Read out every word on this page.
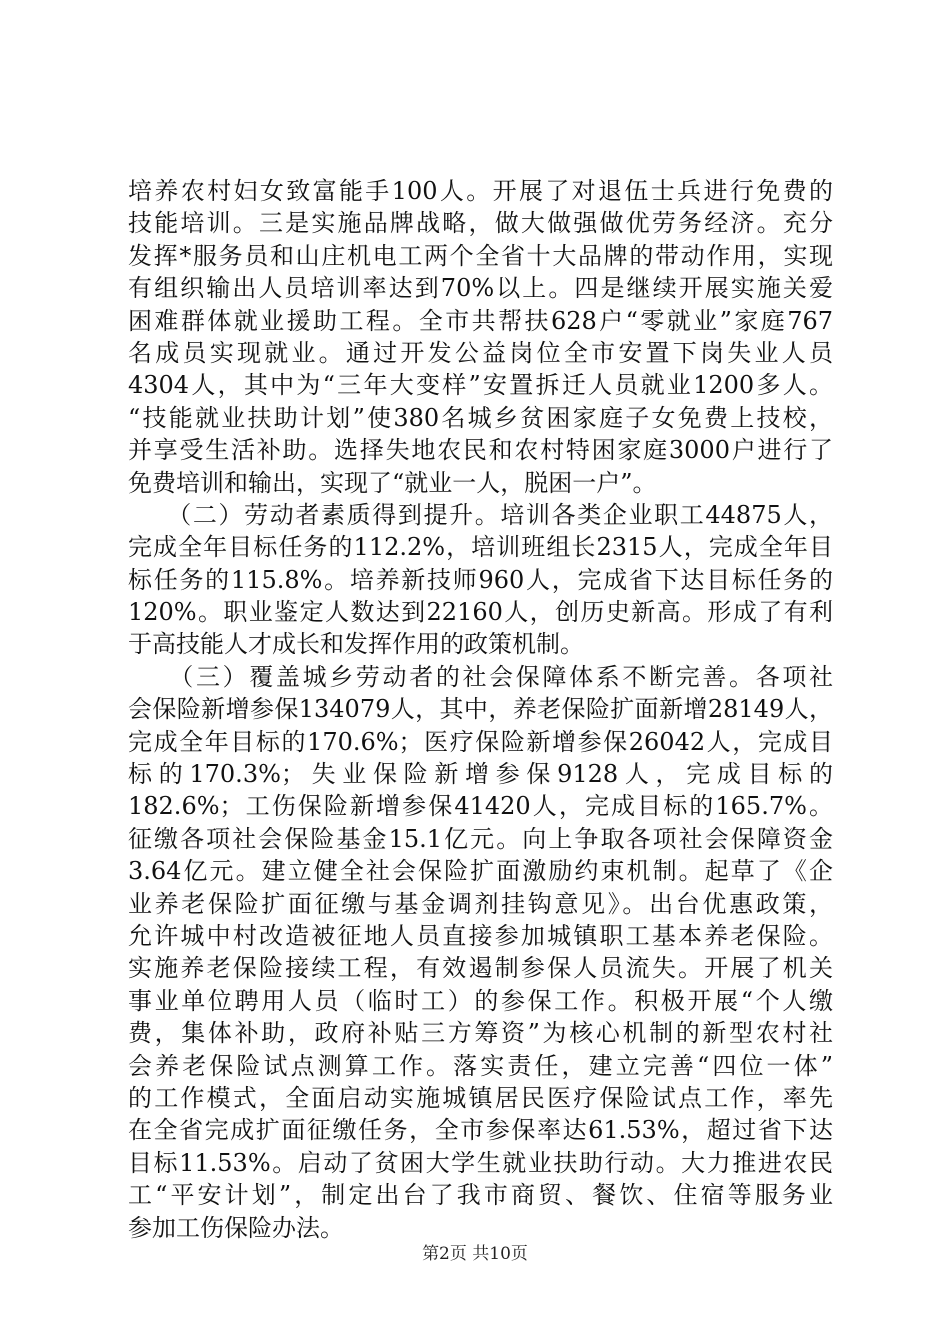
培养农村妇女致富能手100人。开展了对退伍士兵进行免费的
技能培训。三是实施品牌战略，做大做强做优劳务经济。充分
发挥*服务员和山庄机电工两个全省十大品牌的带动作用，实现
有组织输出人员培训率达到70%以上。四是继续开展实施关爱
困难群体就业援助工程。全市共帮扶628户“零就业”家庭767
名成员实现就业。通过开发公益岗位全市安置下岗失业人员
4304人，其中为“三年大变样”安置拆迁人员就业1200多人。
“技能就业扶助计划”使380名城乡贫困家庭子女免费上技校，
并享受生活补助。选择失地农民和农村特困家庭3000户进行了
免费培训和输出，实现了“就业一人，脱困一户”。
　　（二）劳动者素质得到提升。培训各类企业职工44875人，
完成全年目标任务的112.2%，培训班组长2315人，完成全年目
标任务的115.8%。培养新技师960人，完成省下达目标任务的
120%。职业鉴定人数达到22160人，创历史新高。形成了有利
于高技能人才成长和发挥作用的政策机制。
　　（三）覆盖城乡劳动者的社会保障体系不断完善。各项社
会保险新增参保134079人，其中，养老保险扩面新增28149人，
完成全年目标的170.6%；医疗保险新增参保26042人，完成目
标的170.3%；失业保险新增参保9128人，完成目标的
182.6%；工伤保险新增参保41420人，完成目标的165.7%。
征缴各项社会保险基金15.1亿元。向上争取各项社会保障资金
3.64亿元。建立健全社会保险扩面激励约束机制。起草了《企
业养老保险扩面征缴与基金调剂挂钩意见》。出台优惠政策，
允许城中村改造被征地人员直接参加城镇职工基本养老保险。
实施养老保险接续工程，有效遏制参保人员流失。开展了机关
事业单位聘用人员（临时工）的参保工作。积极开展“个人缴
费，集体补助，政府补贴三方筹资”为核心机制的新型农村社
会养老保险试点测算工作。落实责任，建立完善“四位一体”
的工作模式，全面启动实施城镇居民医疗保险试点工作，率先
在全省完成扩面征缴任务，全市参保率达61.53%，超过省下达
目标11.53%。启动了贫困大学生就业扶助行动。大力推进农民
工“平安计划”，制定出台了我市商贸、餐饮、住宿等服务业
参加工伤保险办法。
第2页 共10页
